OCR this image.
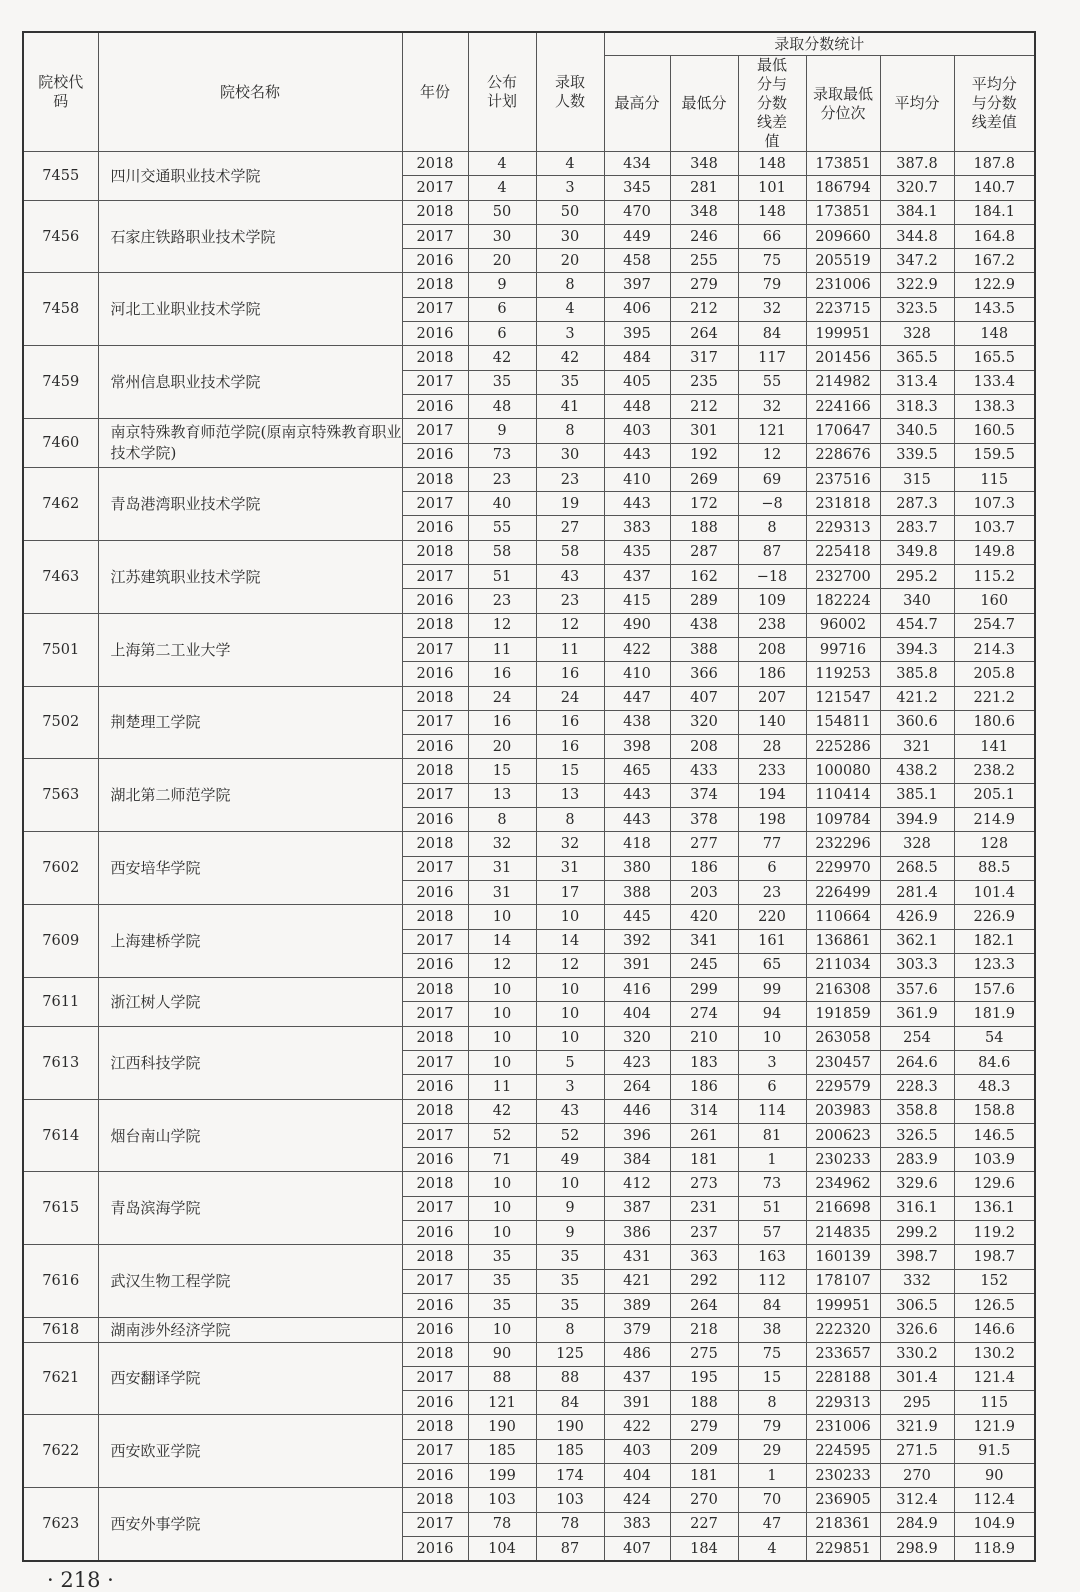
院校代码	院校名称	年份	公布计划	录取人数	录取分数统计					
					最高分	最低分	最低分与分数线差值	录取最低分位次	平均分	平均分与分数线差值
7455	四川交通职业技术学院	2018	4	4	434	348	148	173851	387.8	187.8
		2017	4	3	345	281	101	186794	320.7	140.7
7456	石家庄铁路职业技术学院	2018	50	50	470	348	148	173851	384.1	184.1
		2017	30	30	449	246	66	209660	344.8	164.8
		2016	20	20	458	255	75	205519	347.2	167.2
7458	河北工业职业技术学院	2018	9	8	397	279	79	231006	322.9	122.9
		2017	6	4	406	212	32	223715	323.5	143.5
		2016	6	3	395	264	84	199951	328	148
7459	常州信息职业技术学院	2018	42	42	484	317	117	201456	365.5	165.5
		2017	35	35	405	235	55	214982	313.4	133.4
		2016	48	41	448	212	32	224166	318.3	138.3
7460	南京特殊教育师范学院(原南京特殊教育职业技术学院)	2017	9	8	403	301	121	170647	340.5	160.5
		2016	73	30	443	192	12	228676	339.5	159.5
7462	青岛港湾职业技术学院	2018	23	23	410	269	69	237516	315	115
		2017	40	19	443	172	−8	231818	287.3	107.3
		2016	55	27	383	188	8	229313	283.7	103.7
7463	江苏建筑职业技术学院	2018	58	58	435	287	87	225418	349.8	149.8
		2017	51	43	437	162	−18	232700	295.2	115.2
		2016	23	23	415	289	109	182224	340	160
7501	上海第二工业大学	2018	12	12	490	438	238	96002	454.7	254.7
		2017	11	11	422	388	208	99716	394.3	214.3
		2016	16	16	410	366	186	119253	385.8	205.8
7502	荆楚理工学院	2018	24	24	447	407	207	121547	421.2	221.2
		2017	16	16	438	320	140	154811	360.6	180.6
		2016	20	16	398	208	28	225286	321	141
7563	湖北第二师范学院	2018	15	15	465	433	233	100080	438.2	238.2
		2017	13	13	443	374	194	110414	385.1	205.1
		2016	8	8	443	378	198	109784	394.9	214.9
7602	西安培华学院	2018	32	32	418	277	77	232296	328	128
		2017	31	31	380	186	6	229970	268.5	88.5
		2016	31	17	388	203	23	226499	281.4	101.4
7609	上海建桥学院	2018	10	10	445	420	220	110664	426.9	226.9
		2017	14	14	392	341	161	136861	362.1	182.1
		2016	12	12	391	245	65	211034	303.3	123.3
7611	浙江树人学院	2018	10	10	416	299	99	216308	357.6	157.6
		2017	10	10	404	274	94	191859	361.9	181.9
7613	江西科技学院	2018	10	10	320	210	10	263058	254	54
		2017	10	5	423	183	3	230457	264.6	84.6
		2016	11	3	264	186	6	229579	228.3	48.3
7614	烟台南山学院	2018	42	43	446	314	114	203983	358.8	158.8
		2017	52	52	396	261	81	200623	326.5	146.5
		2016	71	49	384	181	1	230233	283.9	103.9
7615	青岛滨海学院	2018	10	10	412	273	73	234962	329.6	129.6
		2017	10	9	387	231	51	216698	316.1	136.1
		2016	10	9	386	237	57	214835	299.2	119.2
7616	武汉生物工程学院	2018	35	35	431	363	163	160139	398.7	198.7
		2017	35	35	421	292	112	178107	332	152
		2016	35	35	389	264	84	199951	306.5	126.5
7618	湖南涉外经济学院	2016	10	8	379	218	38	222320	326.6	146.6
7621	西安翻译学院	2018	90	125	486	275	75	233657	330.2	130.2
		2017	88	88	437	195	15	228188	301.4	121.4
		2016	121	84	391	188	8	229313	295	115
7622	西安欧亚学院	2018	190	190	422	279	79	231006	321.9	121.9
		2017	185	185	403	209	29	224595	271.5	91.5
		2016	199	174	404	181	1	230233	270	90
7623	西安外事学院	2018	103	103	424	270	70	236905	312.4	112.4
		2017	78	78	383	227	47	218361	284.9	104.9
		2016	104	87	407	184	4	229851	298.9	118.9
· 218 ·
